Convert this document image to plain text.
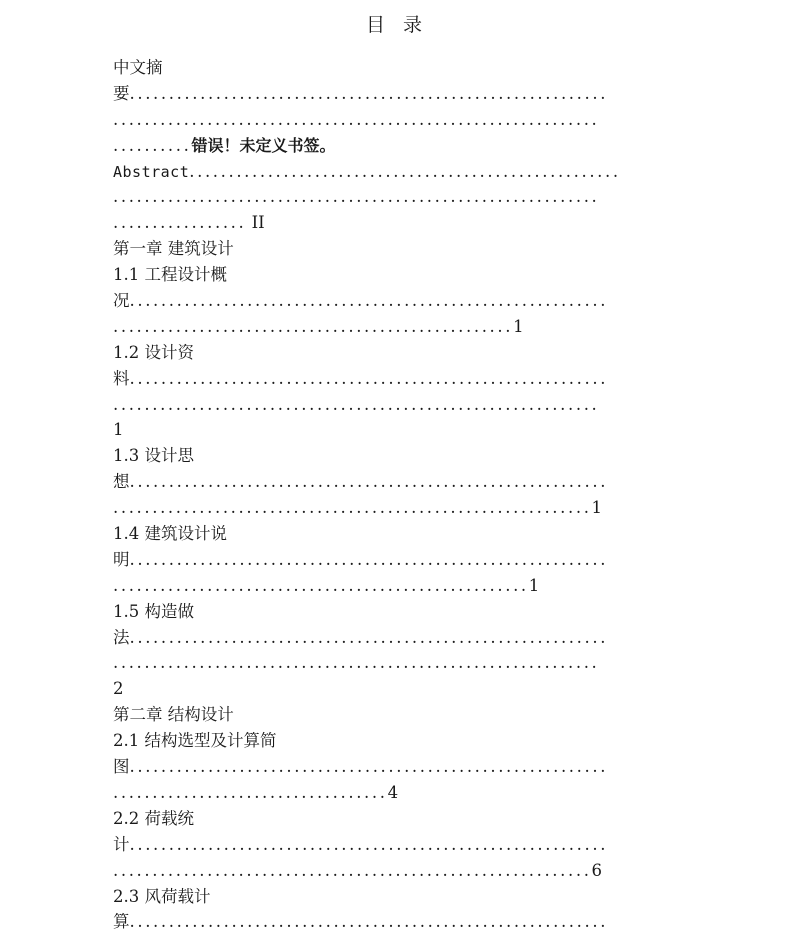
目 录
中文摘
要.............................................................
..............................................................
..........错误！未定义书签。
Abstract.......................................................
..............................................................
................. II
第一章 建筑设计
1.1 工程设计概
况.............................................................
...................................................1
1.2 设计资
料.............................................................
..............................................................
1
1.3 设计思
想.............................................................
.............................................................1
1.4 建筑设计说
明.............................................................
.....................................................1
1.5 构造做
法.............................................................
..............................................................
2
第二章 结构设计
2.1 结构选型及计算简
图.............................................................
...................................4
2.2 荷载统
计.............................................................
.............................................................6
2.3 风荷载计
算.............................................................
